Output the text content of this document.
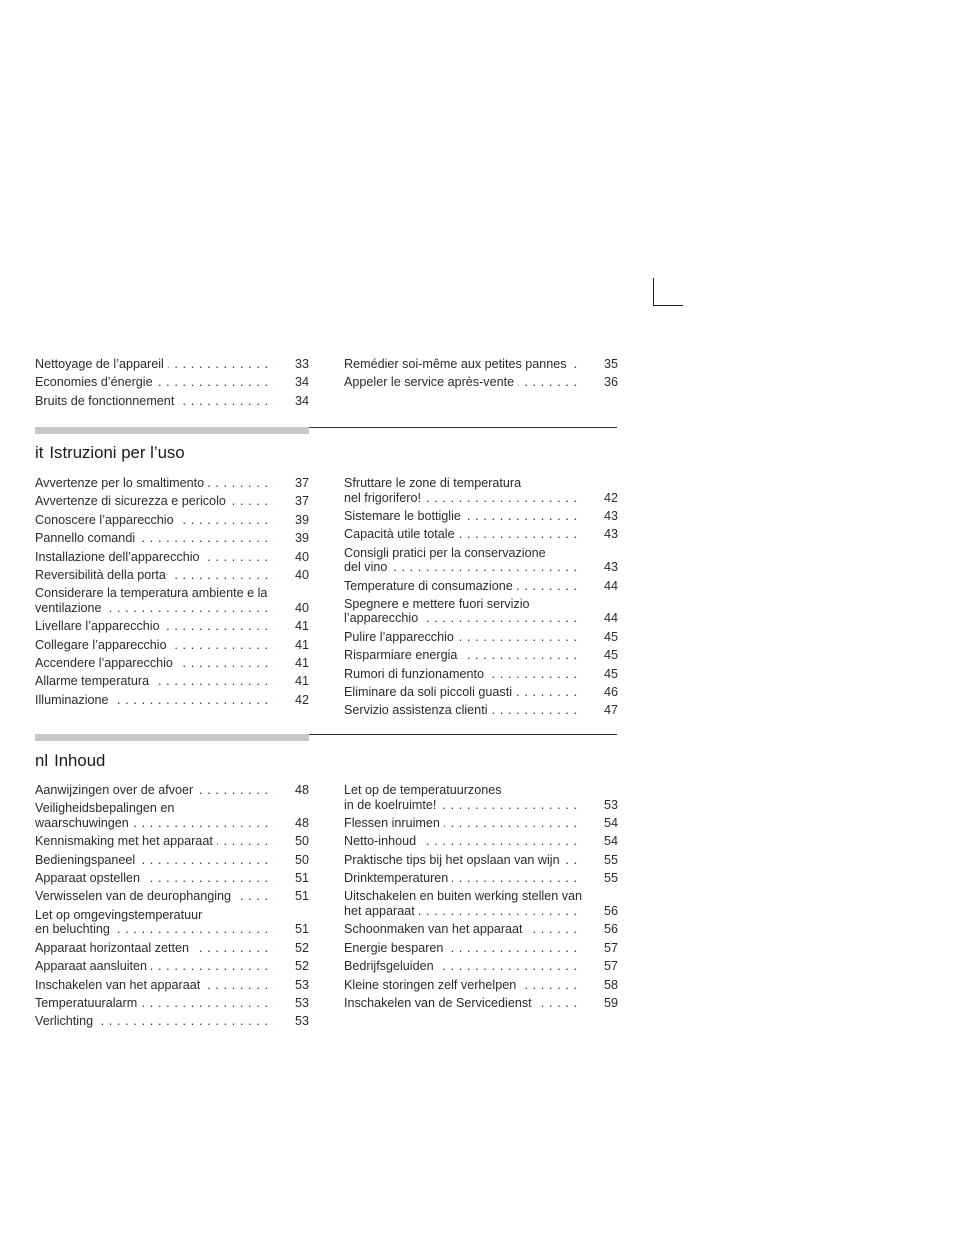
Nettoyage de l’appareil . . .	33
Economies d’énergie . . .	34
Bruits de fonctionnement . . .	34
Remédier soi-même aux petites pannes . . .	35
Appeler le service après-vente . . .	36
it Istruzioni per l’uso
Avvertenze per lo smaltimento . . .	37
Avvertenze di sicurezza e pericolo . . .	37
Conoscere l’apparecchio . . .	39
Pannello comandi . . .	39
Installazione dell’apparecchio . . .	40
Reversibilità della porta . . .	40
Considerare la temperatura ambiente e la
ventilazione . . .	40
Livellare l’apparecchio . . .	41
Collegare l’apparecchio . . .	41
Accendere l’apparecchio . . .	41
Allarme temperatura . . .	41
Illuminazione . . .	42
Sfruttare le zone di temperatura
nel frigorifero! . . .	42
Sistemare le bottiglie . . .	43
Capacità utile totale . . .	43
Consigli pratici per la conservazione
del vino . . .	43
Temperature di consumazione . . .	44
Spegnere e mettere fuori servizio
l’apparecchio . . .	44
Pulire l’apparecchio . . .	45
Risparmiare energia . . .	45
Rumori di funzionamento . . .	45
Eliminare da soli piccoli guasti . . .	46
Servizio assistenza clienti . . .	47
nl Inhoud
Aanwijzingen over de afvoer . . .	48
Veiligheidsbepalingen en
waarschuwingen . . .	48
Kennismaking met het apparaat . . .	50
Bedieningspaneel . . .	50
Apparaat opstellen . . .	51
Verwisselen van de deurophanging . . .	51
Let op omgevingstemperatuur
en beluchting . . .	51
Apparaat horizontaal zetten . . .	52
Apparaat aansluiten . . .	52
Inschakelen van het apparaat . . .	53
Temperatuuralarm . . .	53
Verlichting . . .	53
Let op de temperatuurzones
in de koelruimte! . . .	53
Flessen inruimen . . .	54
Netto-inhoud . . .	54
Praktische tips bij het opslaan van wijn . . .	55
Drinktemperaturen . . .	55
Uitschakelen en buiten werking stellen van
het apparaat . . .	56
Schoonmaken van het apparaat . . .	56
Energie besparen . . .	57
Bedrijfsgeluiden . . .	57
Kleine storingen zelf verhelpen . . .	58
Inschakelen van de Servicedienst . . .	59
